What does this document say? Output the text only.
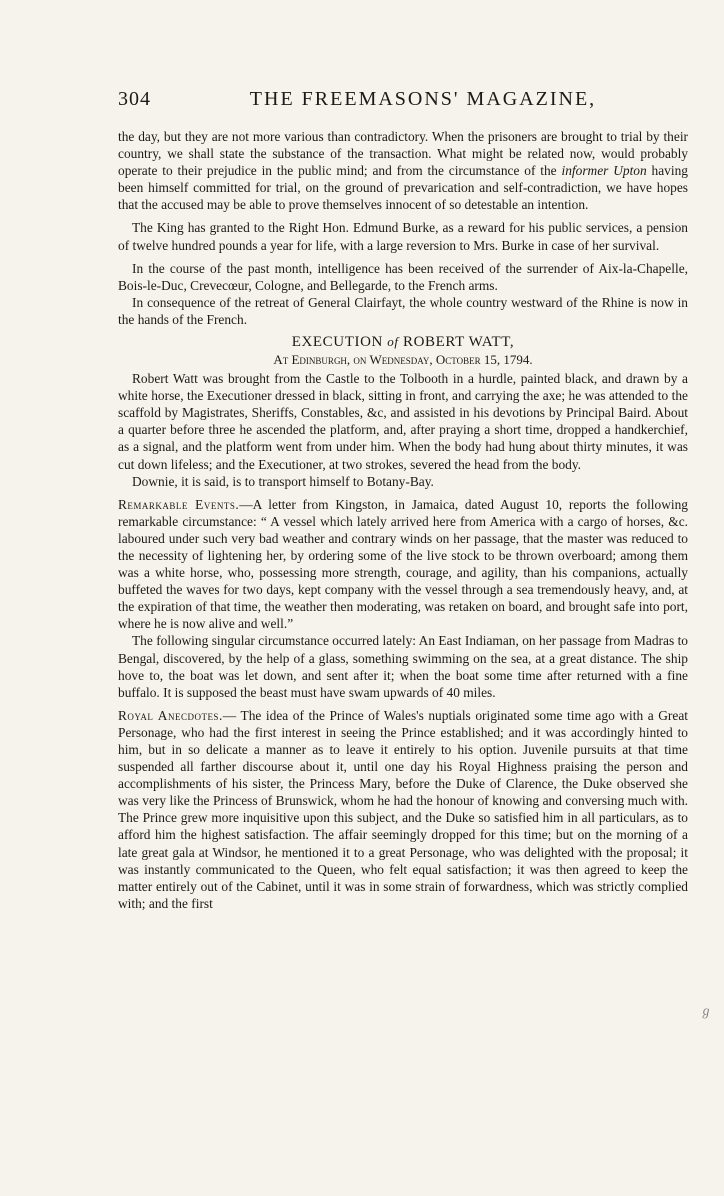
304	THE FREEMASONS' MAGAZINE,

the day, but they are not more various than contradictory. When the prisoners are brought to trial by their country, we shall state the substance of the transaction. What might be related now, would probably operate to their prejudice in the public mind; and from the circumstance of the informer Upton having been himself committed for trial, on the ground of prevarication and self-contradiction, we have hopes that the accused may be able to prove themselves innocent of so detestable an intention.

The King has granted to the Right Hon. Edmund Burke, as a reward for his public services, a pension of twelve hundred pounds a year for life, with a large reversion to Mrs. Burke in case of her survival.

In the course of the past month, intelligence has been received of the surrender of Aix-la-Chapelle, Bois-le-Duc, Crevecœur, Cologne, and Bellegarde, to the French arms.

In consequence of the retreat of General Clairfayt, the whole country westward of the Rhine is now in the hands of the French.

EXECUTION of ROBERT WATT,
At Edinburgh, on Wednesday, October 15, 1794.

Robert Watt was brought from the Castle to the Tolbooth in a hurdle, painted black, and drawn by a white horse, the Executioner dressed in black, sitting in front, and carrying the axe; he was attended to the scaffold by Magistrates, Sheriffs, Constables, &c, and assisted in his devotions by Principal Baird. About a quarter before three he ascended the platform, and, after praying a short time, dropped a handkerchief, as a signal, and the platform went from under him. When the body had hung about thirty minutes, it was cut down lifeless; and the Executioner, at two strokes, severed the head from the body.

Downie, it is said, is to transport himself to Botany-Bay.

Remarkable Events.—A letter from Kingston, in Jamaica, dated August 10, reports the following remarkable circumstance: “ A vessel which lately arrived here from America with a cargo of horses, &c. laboured under such very bad weather and contrary winds on her passage, that the master was reduced to the necessity of lightening her, by ordering some of the live stock to be thrown overboard; among them was a white horse, who, possessing more strength, courage, and agility, than his companions, actually buffeted the waves for two days, kept company with the vessel through a sea tremendously heavy, and, at the expiration of that time, the weather then moderating, was retaken on board, and brought safe into port, where he is now alive and well.”

The following singular circumstance occurred lately: An East Indiaman, on her passage from Madras to Bengal, discovered, by the help of a glass, something swimming on the sea, at a great distance. The ship hove to, the boat was let down, and sent after it; when the boat some time after returned with a fine buffalo. It is supposed the beast must have swam upwards of 40 miles.

Royal Anecdotes.— The idea of the Prince of Wales's nuptials originated some time ago with a Great Personage, who had the first interest in seeing the Prince established; and it was accordingly hinted to him, but in so delicate a manner as to leave it entirely to his option. Juvenile pursuits at that time suspended all farther discourse about it, until one day his Royal Highness praising the person and accomplishments of his sister, the Princess Mary, before the Duke of Clarence, the Duke observed she was very like the Princess of Brunswick, whom he had the honour of knowing and conversing much with. The Prince grew more inquisitive upon this subject, and the Duke so satisfied him in all particulars, as to afford him the highest satisfaction. The affair seemingly dropped for this time; but on the morning of a late great gala at Windsor, he mentioned it to a great Personage, who was delighted with the proposal; it was instantly communicated to the Queen, who felt equal satisfaction; it was then agreed to keep the matter entirely out of the Cabinet, until it was in some strain of forwardness, which was strictly complied with; and the first

ℊ
